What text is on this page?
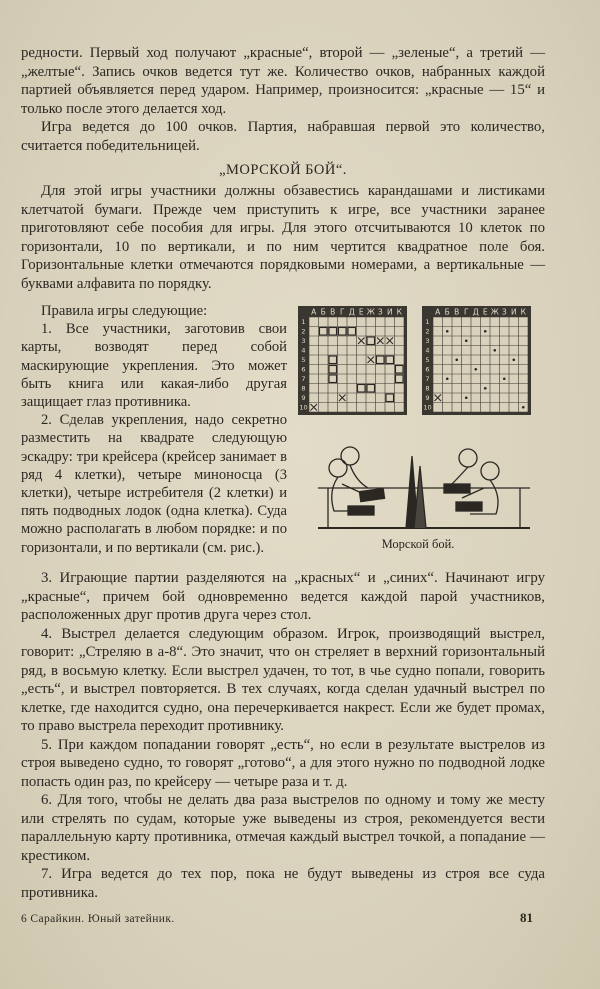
редности. Первый ход получают „красные“, второй — „зеленые“, а третий — „желтые“. Запись очков ведется тут же. Количество очков, набранных каждой партией объявляется перед ударом. Например, произносится: „красные — 15“ и только после этого делается ход.

Игра ведется до 100 очков. Партия, набравшая первой это количество, считается победительницей.

„МОРСКОЙ БОЙ“.

Для этой игры участники должны обзавестись карандашами и листиками клетчатой бумаги. Прежде чем приступить к игре, все участники заранее приготовляют себе пособия для игры. Для этого отсчитываются 10 клеток по горизонтали, 10 по вертикали, и по ним чертится квадратное поле боя. Горизонтальные клетки отмечаются порядковыми номерами, а вертикальные — буквами алфавита по порядку.

Правила игры следующие:

1. Все участники, заготовив свои карты, возводят перед собой маскирующие укрепления. Это может быть книга или какая-либо другая защищает глаз противника.

2. Сделав укрепления, надо секретно разместить на квадрате следующую эскадру: три крейсера (крейсер занимает в ряд 4 клетки), четыре миноносца (3 клетки), четыре истребителя (2 клетки) и пять подводных лодок (одна клетка). Суда можно располагать в любом порядке: и по горизонтали, и по вертикали (см. рис.).

А Б В Г Д Е Ж З И К
1
2
3
4
5
6
7
8
9
10
А Б В Г Д Е Ж З И К
1
2
3
4
5
6
7
8
9
10
Морской бой.

3. Играющие партии разделяются на „красных“ и „синих“. Начинают игру „красные“, причем бой одновременно ведется каждой парой участников, расположенных друг против друга через стол.

4. Выстрел делается следующим образом. Игрок, производящий выстрел, говорит: „Стреляю в а-8“. Это значит, что он стреляет в верхний горизонтальный ряд, в восьмую клетку. Если выстрел удачен, то тот, в чье судно попали, говорить „есть“, и выстрел повторяется. В тех случаях, когда сделан удачный выстрел по клетке, где находится судно, она перечеркивается накрест. Если же будет промах, то право выстрела переходит противнику.

5. При каждом попадании говорят „есть“, но если в результате выстрелов из строя выведено судно, то говорят „готово“, а для этого нужно по подводной лодке попасть один раз, по крейсеру — четыре раза и т. д.

6. Для того, чтобы не делать два раза выстрелов по одному и тому же месту или стрелять по судам, которые уже выведены из строя, рекомендуется вести параллельную карту противника, отмечая каждый выстрел точкой, а попадание — крестиком.

7. Игра ведется до тех пор, пока не будут выведены из строя все суда противника.

6 Сарайкин. Юный затейник.	81
